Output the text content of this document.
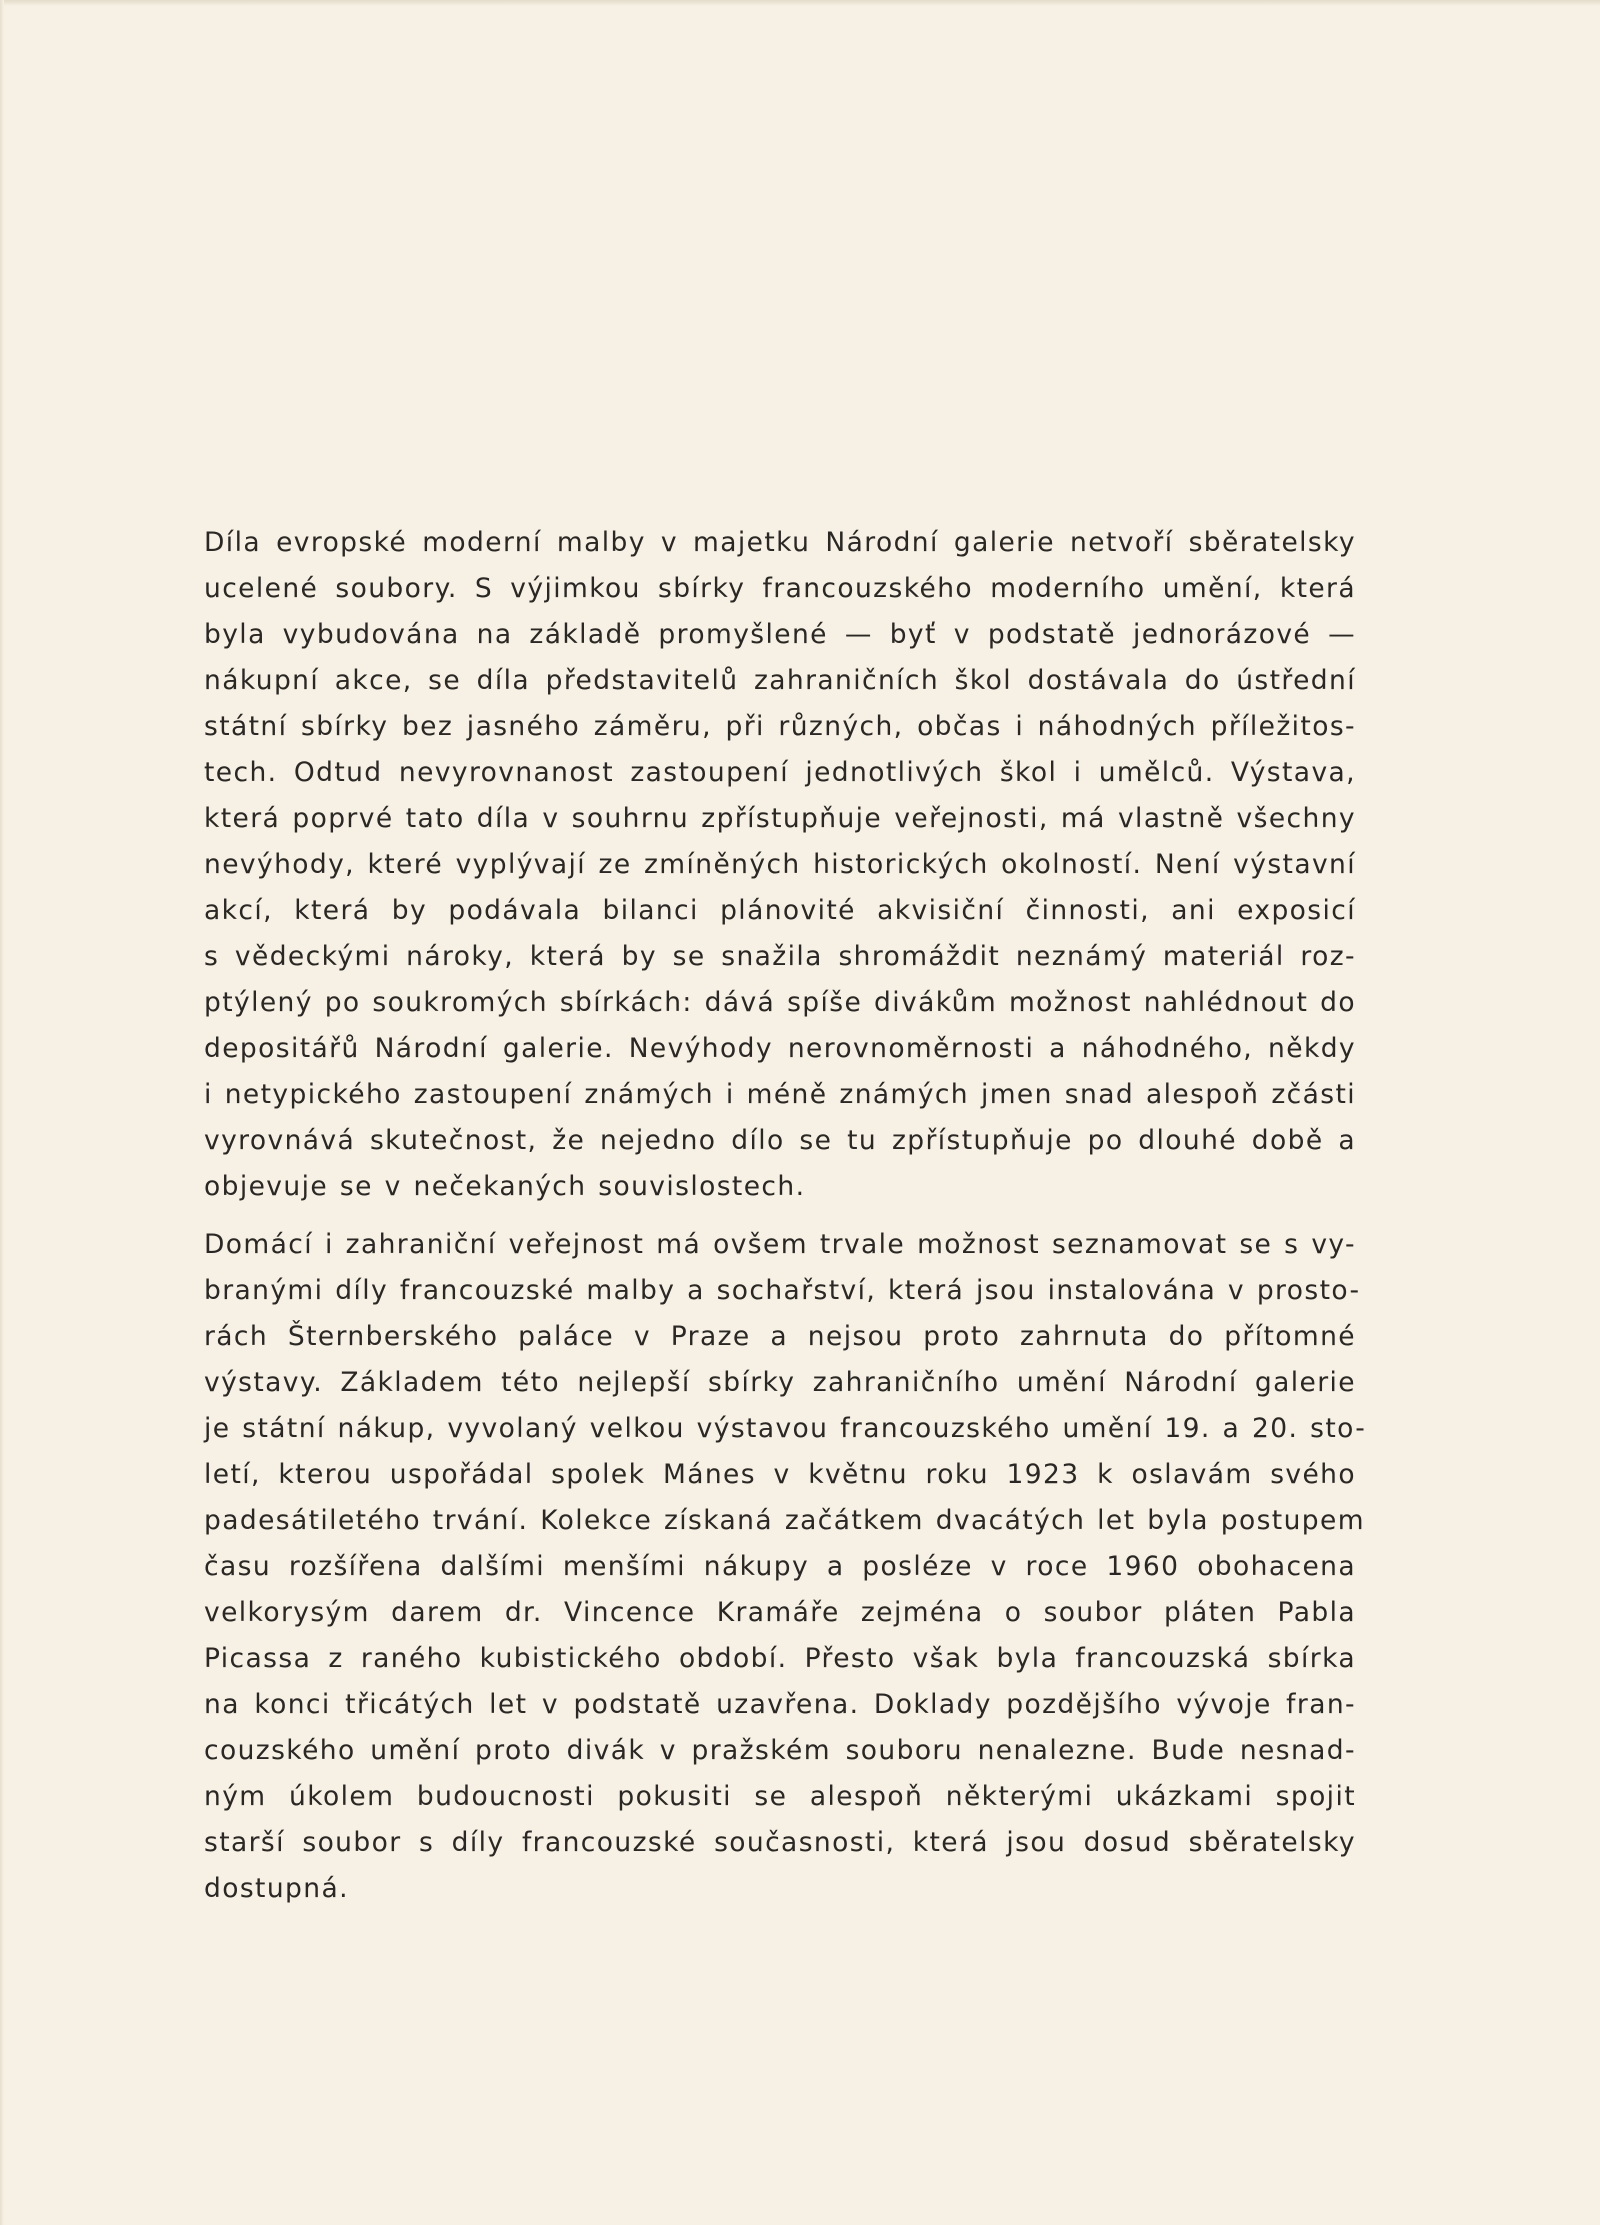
Díla evropské moderní malby v majetku Národní galerie netvoří sběratelsky
ucelené soubory. S výjimkou sbírky francouzského moderního umění, která
byla vybudována na základě promyšlené — byť v podstatě jednorázové —
nákupní akce, se díla představitelů zahraničních škol dostávala do ústřední
státní sbírky bez jasného záměru, při různých, občas i náhodných příležitos-
tech. Odtud nevyrovnanost zastoupení jednotlivých škol i umělců. Výstava,
která poprvé tato díla v souhrnu zpřístupňuje veřejnosti, má vlastně všechny
nevýhody, které vyplývají ze zmíněných historických okolností. Není výstavní
akcí, která by podávala bilanci plánovité akvisiční činnosti, ani exposicí
s vědeckými nároky, která by se snažila shromáždit neznámý materiál roz-
ptýlený po soukromých sbírkách: dává spíše divákům možnost nahlédnout do
depositářů Národní galerie. Nevýhody nerovnoměrnosti a náhodného, někdy
i netypického zastoupení známých i méně známých jmen snad alespoň zčásti
vyrovnává skutečnost, že nejedno dílo se tu zpřístupňuje po dlouhé době a
objevuje se v nečekaných souvislostech.

Domácí i zahraniční veřejnost má ovšem trvale možnost seznamovat se s vy-
branými díly francouzské malby a sochařství, která jsou instalována v prosto-
rách Šternberského paláce v Praze a nejsou proto zahrnuta do přítomné
výstavy. Základem této nejlepší sbírky zahraničního umění Národní galerie
je státní nákup, vyvolaný velkou výstavou francouzského umění 19. a 20. sto-
letí, kterou uspořádal spolek Mánes v květnu roku 1923 k oslavám svého
padesátiletého trvání. Kolekce získaná začátkem dvacátých let byla postupem
času rozšířena dalšími menšími nákupy a posléze v roce 1960 obohacena
velkorysým darem dr. Vincence Kramáře zejména o soubor pláten Pabla
Picassa z raného kubistického období. Přesto však byla francouzská sbírka
na konci třicátých let v podstatě uzavřena. Doklady pozdějšího vývoje fran-
couzského umění proto divák v pražském souboru nenalezne. Bude nesnad-
ným úkolem budoucnosti pokusiti se alespoň některými ukázkami spojit
starší soubor s díly francouzské současnosti, která jsou dosud sběratelsky
dostupná.
